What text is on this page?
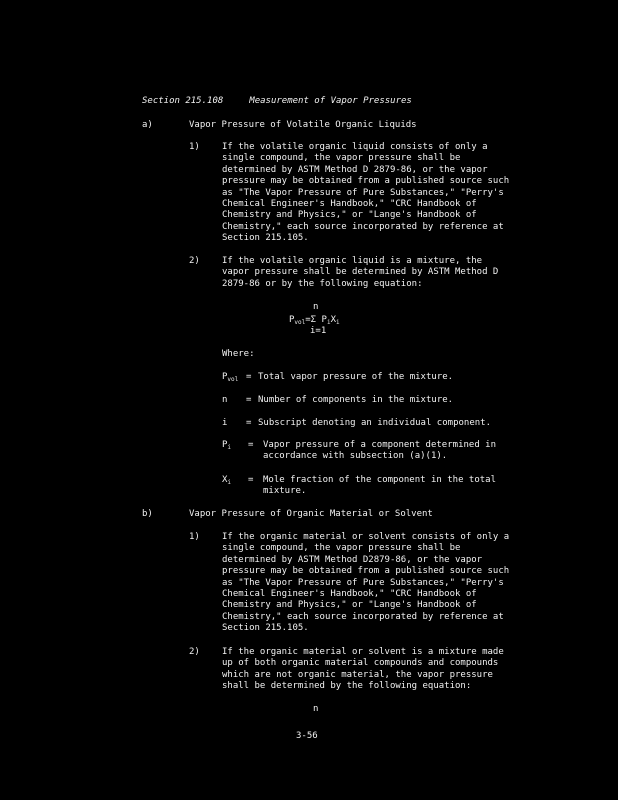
Section 215.108	Measurement of Vapor Pressures
a)	Vapor Pressure of Volatile Organic Liquids
1) If the volatile organic liquid consists of only a
single compound, the vapor pressure shall be
determined by ASTM Method D 2879-86, or the vapor
pressure may be obtained from a published source such
as "The Vapor Pressure of Pure Substances," "Perry's
Chemical Engineer's Handbook," "CRC Handbook of
Chemistry and Physics," or "Lange's Handbook of
Chemistry," each source incorporated by reference at
Section 215.105.
2) If the volatile organic liquid is a mixture, the
vapor pressure shall be determined by ASTM Method D
2879-86 or by the following equation:
n
$P_{vol}=\Sigma$ $P_iX_i$
i=1
Where:
$P_{vol}$ = Total vapor pressure of the mixture.
n = Number of components in the mixture.
i = Subscript denoting an individual component.
$P_i$ = Vapor pressure of a component determined in
accordance with subsection (a)(1).
$X_i$ = Mole fraction of the component in the total
mixture.
b)	Vapor Pressure of Organic Material or Solvent
1) If the organic material or solvent consists of only a
single compound, the vapor pressure shall be
determined by ASTM Method D2879-86, or the vapor
pressure may be obtained from a published source such
as "The Vapor Pressure of Pure Substances," "Perry's
Chemical Engineer's Handbook," "CRC Handbook of
Chemistry and Physics," or "Lange's Handbook of
Chemistry," each source incorporated by reference at
Section 215.105.
2) If the organic material or solvent is a mixture made
up of both organic material compounds and compounds
which are not organic material, the vapor pressure
shall be determined by the following equation:
n
3-56
